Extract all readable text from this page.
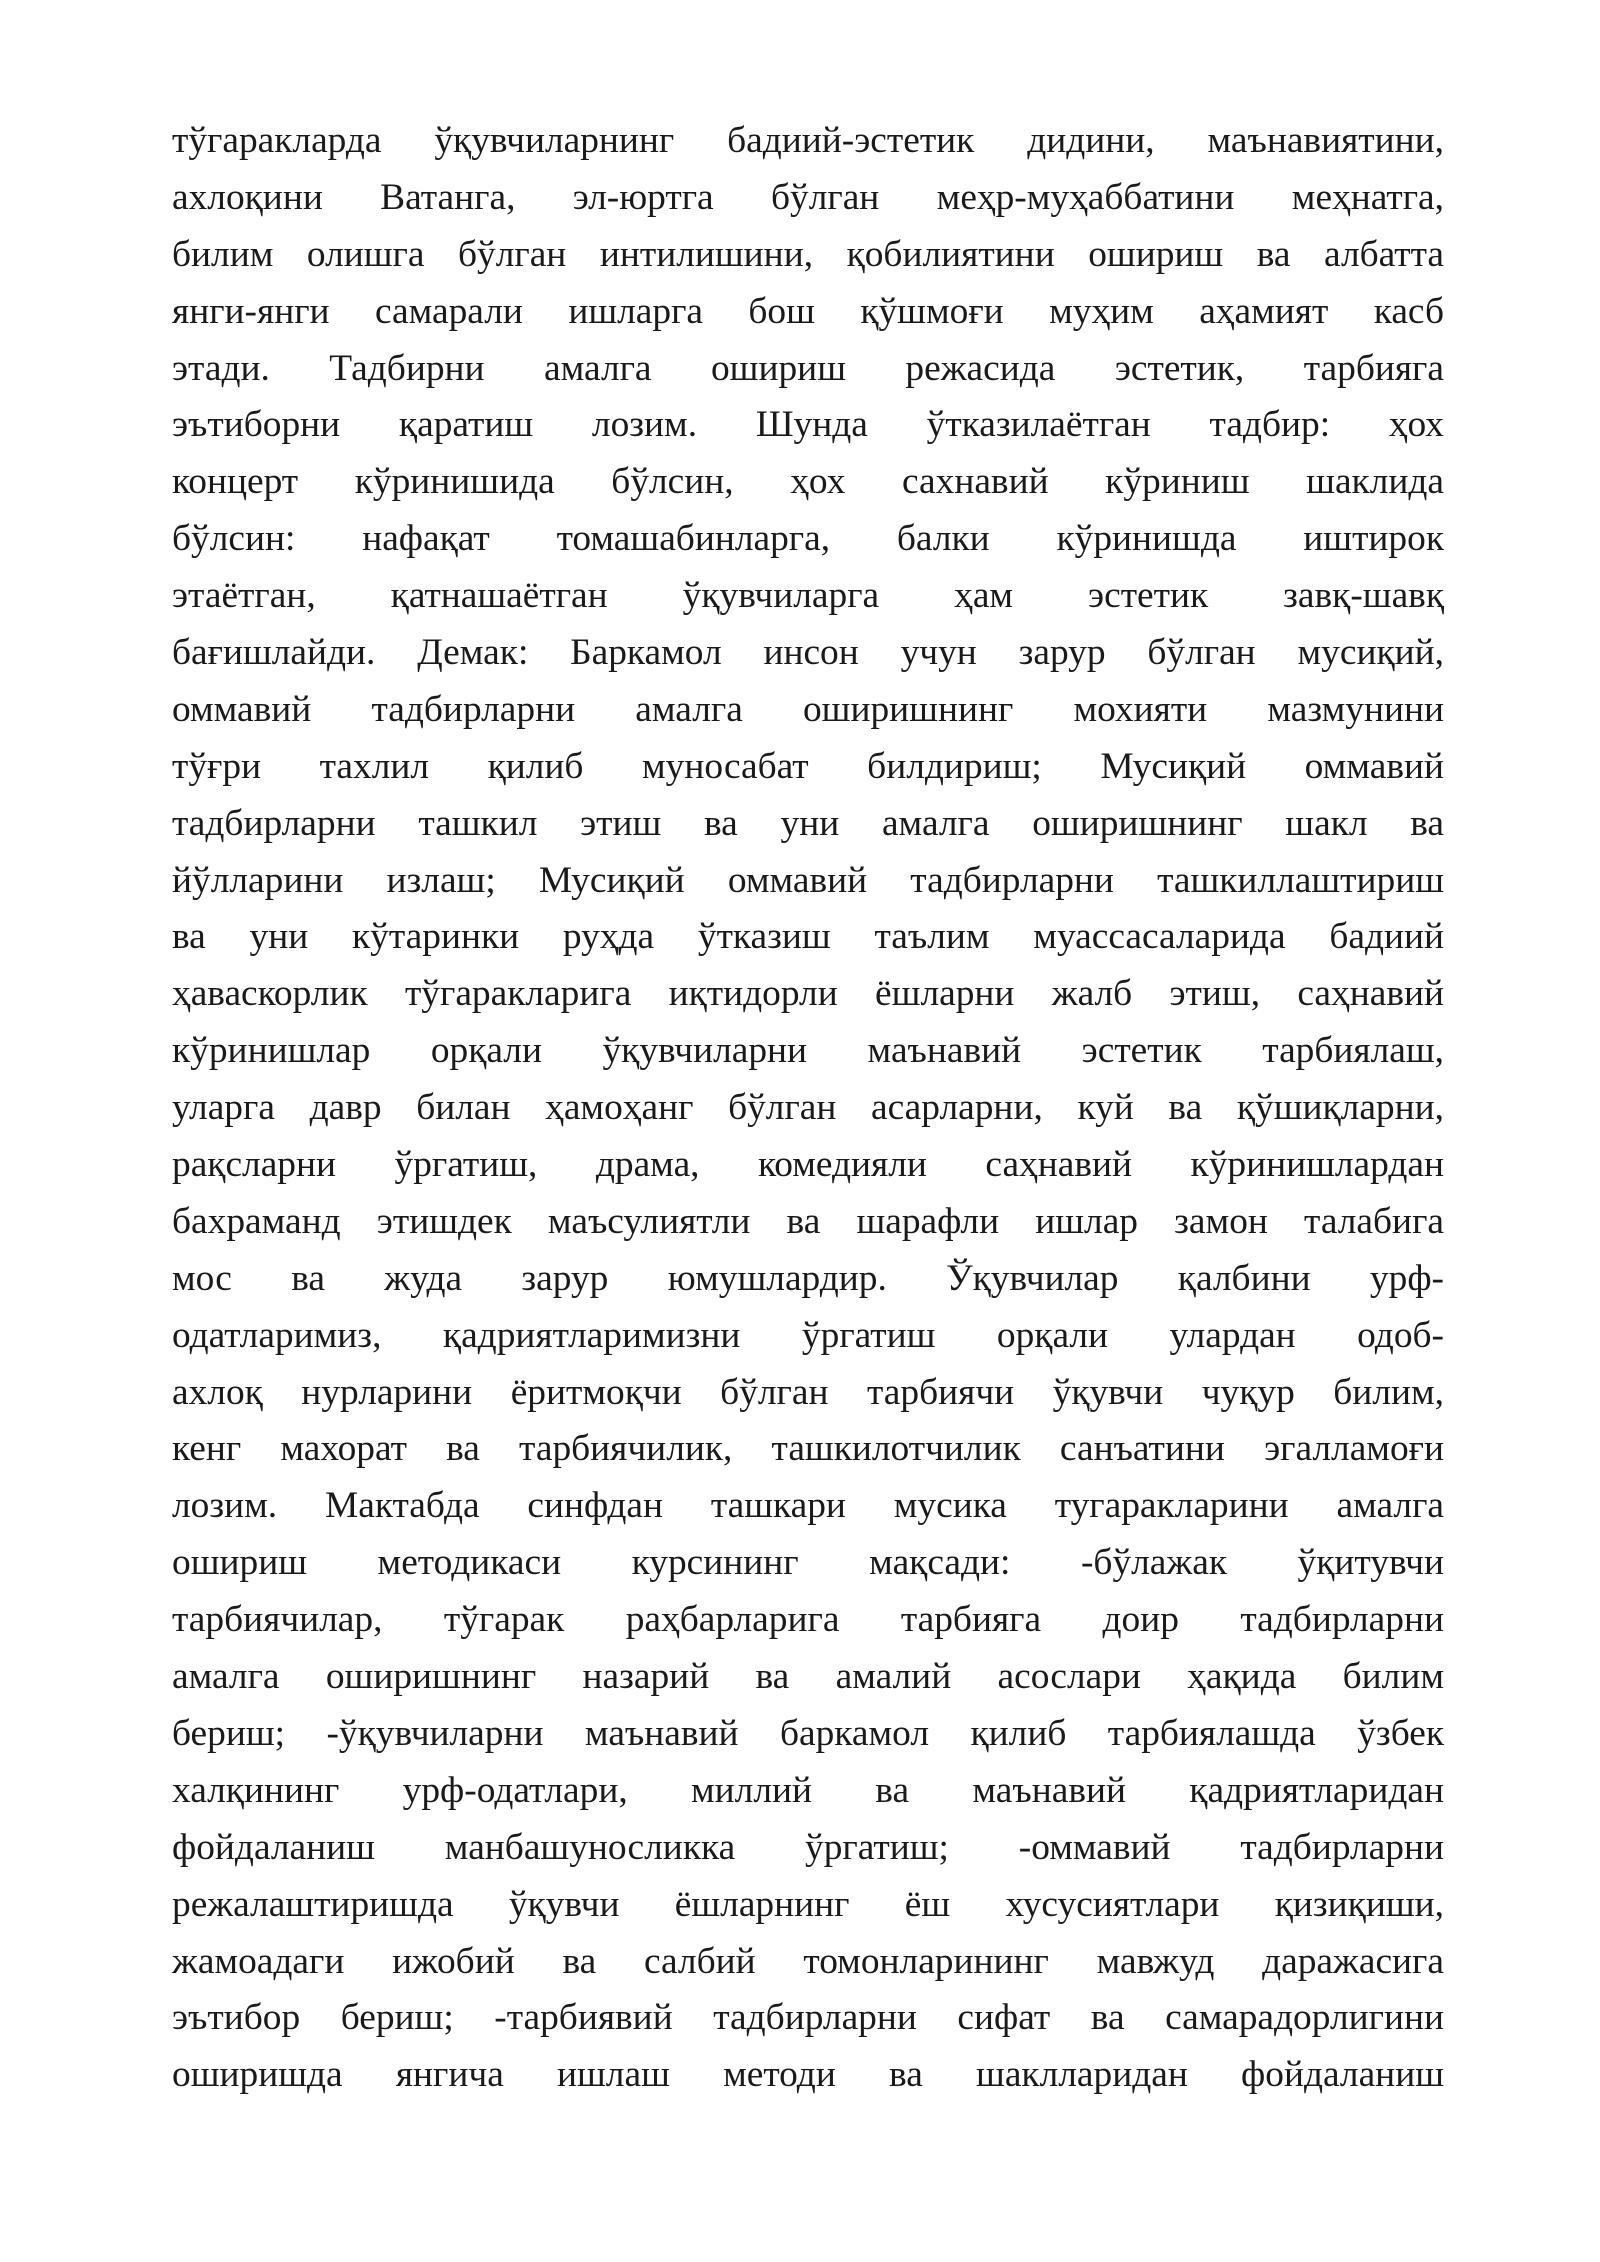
тўгаракларда ўқувчиларнинг бадиий-эстетик дидини, маънавиятини,
ахлоқини Ватанга, эл-юртга бўлган меҳр-муҳаббатини меҳнатга,
билим олишга бўлган интилишини, қобилиятини ошириш ва албатта
янги-янги самарали ишларга бош қўшмоғи муҳим аҳамият касб
этади. Тадбирни амалга ошириш режасида эстетик, тарбияга
эътиборни қаратиш лозим. Шунда ўтказилаётган тадбир: ҳох
концерт кўринишида бўлсин, ҳох сахнавий кўриниш шаклида
бўлсин: нафақат томашабинларга, балки кўринишда иштирок
этаётган, қатнашаётган ўқувчиларга ҳам эстетик завқ-шавқ
бағишлайди. Демак: Баркамол инсон учун зарур бўлган мусиқий,
оммавий тадбирларни амалга оширишнинг мохияти мазмунини
тўғри тахлил қилиб муносабат билдириш; Мусиқий оммавий
тадбирларни ташкил этиш ва уни амалга оширишнинг шакл ва
йўлларини излаш; Мусиқий оммавий тадбирларни ташкиллаштириш
ва уни кўтаринки руҳда ўтказиш таълим муассасаларида бадиий
ҳаваскорлик тўгаракларига иқтидорли ёшларни жалб этиш, саҳнавий
кўринишлар орқали ўқувчиларни маънавий эстетик тарбиялаш,
уларга давр билан ҳамоҳанг бўлган асарларни, куй ва қўшиқларни,
рақсларни ўргатиш, драма, комедияли саҳнавий кўринишлардан
бахраманд этишдек маъсулиятли ва шарафли ишлар замон талабига
мос ва жуда зарур юмушлардир. Ўқувчилар қалбини урф-
одатларимиз, қадриятларимизни ўргатиш орқали улардан одоб-
ахлоқ нурларини ёритмоқчи бўлган тарбиячи ўқувчи чуқур билим,
кенг махорат ва тарбиячилик, ташкилотчилик санъатини эгалламоғи
лозим. Мактабда синфдан ташкари мусика тугаракларини амалга
ошириш методикаси курсининг мақсади: -бўлажак ўқитувчи
тарбиячилар, тўгарак раҳбарларига тарбияга доир тадбирларни
амалга оширишнинг назарий ва амалий асослари ҳақида билим
бериш; -ўқувчиларни маънавий баркамол қилиб тарбиялашда ўзбек
халқининг урф-одатлари, миллий ва маънавий қадриятларидан
фойдаланиш манбашуносликка ўргатиш; -оммавий тадбирларни
режалаштиришда ўқувчи ёшларнинг ёш хусусиятлари қизиқиши,
жамоадаги ижобий ва салбий томонларининг мавжуд даражасига
эътибор бериш; -тарбиявий тадбирларни сифат ва самарадорлигини
оширишда янгича ишлаш методи ва шаклларидан фойдаланиш
